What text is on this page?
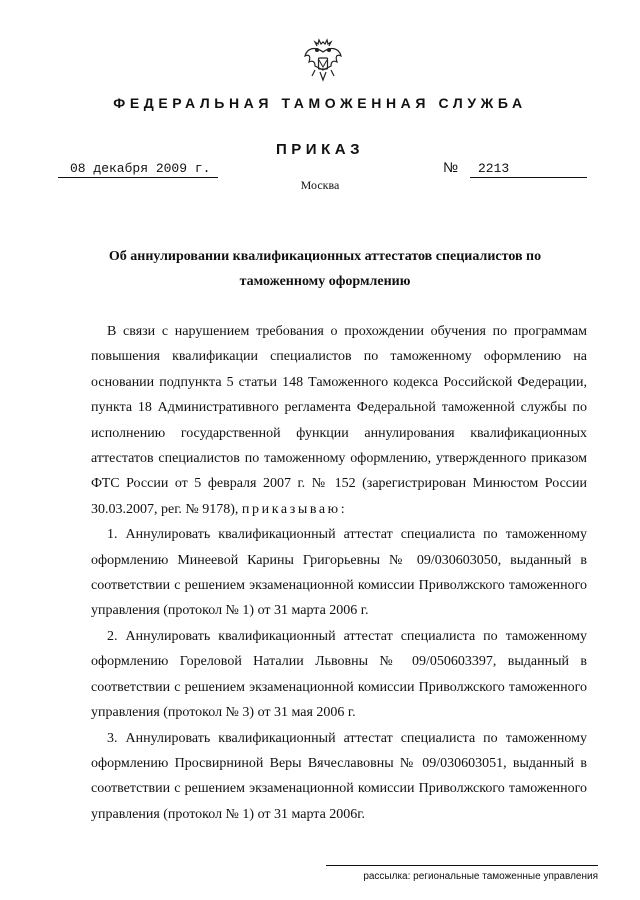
ФЕДЕРАЛЬНАЯ ТАМОЖЕННАЯ СЛУЖБА
ПРИКАЗ
08 декабря 2009 г.	№	2213
Москва
Об аннулировании квалификационных аттестатов специалистов по
таможенному оформлению

В связи с нарушением требования о прохождении обучения по программам повышения квалификации специалистов по таможенному оформлению на основании подпункта 5 статьи 148 Таможенного кодекса Российской Федерации, пункта 18 Административного регламента Федеральной таможенной службы по исполнению государственной функции аннулирования квалификационных аттестатов специалистов по таможенному оформлению, утвержденного приказом ФТС России от 5 февраля 2007 г. № 152 (зарегистрирован Минюстом России 30.03.2007, рег. № 9178), приказываю:

1. Аннулировать квалификационный аттестат специалиста по таможенному оформлению Минеевой Карины Григорьевны № 09/030603050, выданный в соответствии с решением экзаменационной комиссии Приволжского таможенного управления (протокол № 1) от 31 марта 2006 г.

2. Аннулировать квалификационный аттестат специалиста по таможенному оформлению Гореловой Наталии Львовны № 09/050603397, выданный в соответствии с решением экзаменационной комиссии Приволжского таможенного управления (протокол № 3) от 31 мая 2006 г.

3. Аннулировать квалификационный аттестат специалиста по таможенному оформлению Просвирниной Веры Вячеславовны № 09/030603051, выданный в соответствии с решением экзаменационной комиссии Приволжского таможенного управления (протокол № 1) от 31 марта 2006г.

рассылка: региональные таможенные управления
